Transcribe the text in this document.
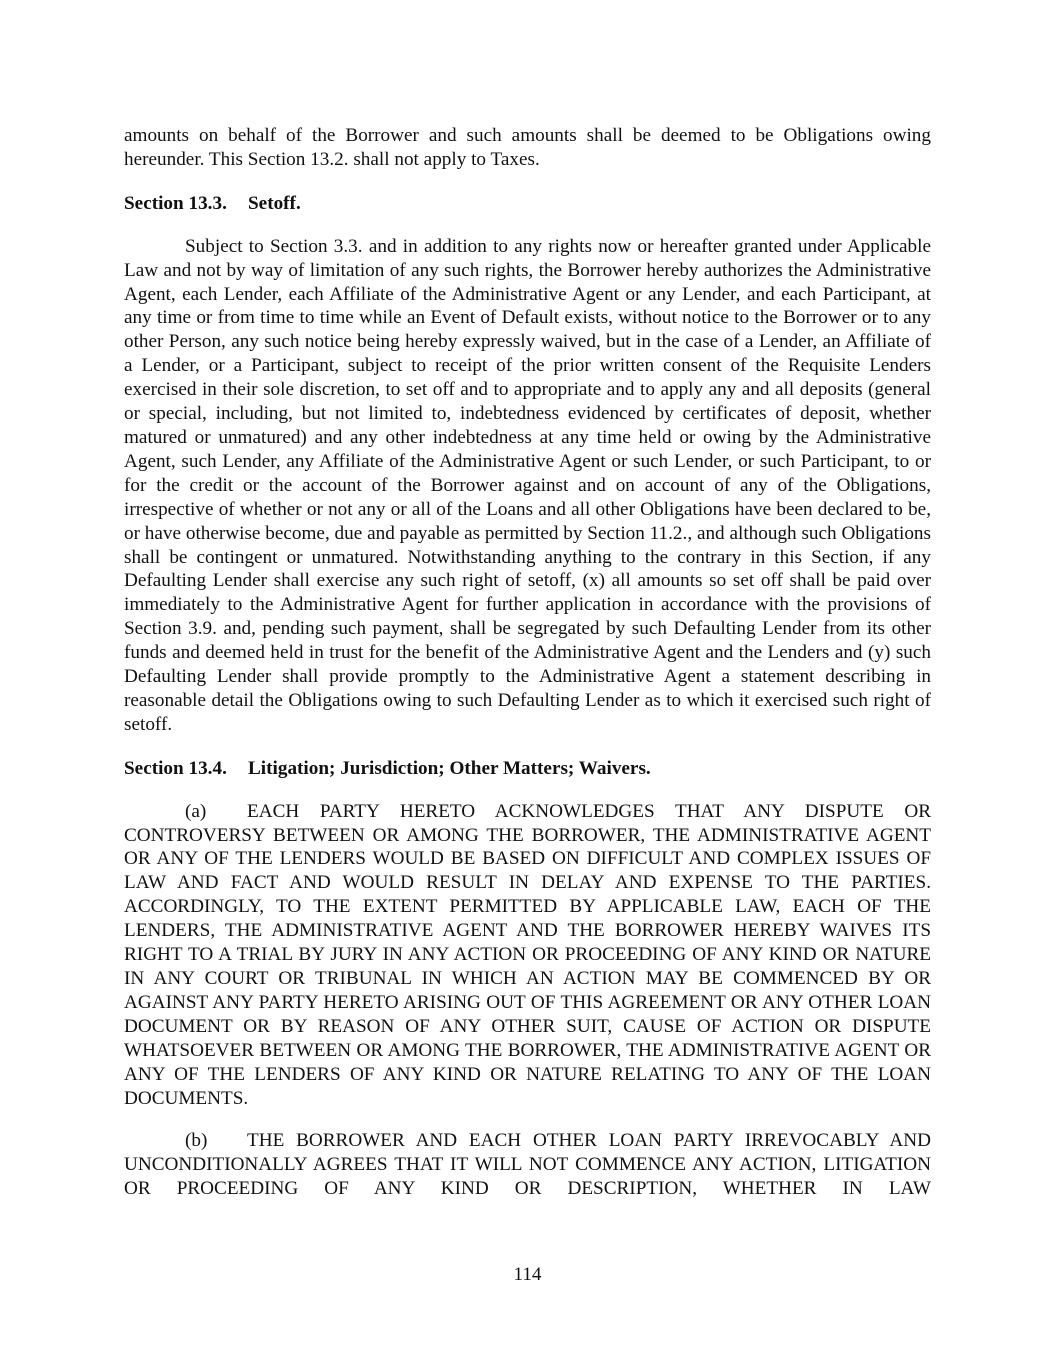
amounts on behalf of the Borrower and such amounts shall be deemed to be Obligations owing hereunder. This Section 13.2. shall not apply to Taxes.

Section 13.3. Setoff.

Subject to Section 3.3. and in addition to any rights now or hereafter granted under Applicable Law and not by way of limitation of any such rights, the Borrower hereby authorizes the Administrative Agent, each Lender, each Affiliate of the Administrative Agent or any Lender, and each Participant, at any time or from time to time while an Event of Default exists, without notice to the Borrower or to any other Person, any such notice being hereby expressly waived, but in the case of a Lender, an Affiliate of a Lender, or a Participant, subject to receipt of the prior written consent of the Requisite Lenders exercised in their sole discretion, to set off and to appropriate and to apply any and all deposits (general or special, including, but not limited to, indebtedness evidenced by certificates of deposit, whether matured or unmatured) and any other indebtedness at any time held or owing by the Administrative Agent, such Lender, any Affiliate of the Administrative Agent or such Lender, or such Participant, to or for the credit or the account of the Borrower against and on account of any of the Obligations, irrespective of whether or not any or all of the Loans and all other Obligations have been declared to be, or have otherwise become, due and payable as permitted by Section 11.2., and although such Obligations shall be contingent or unmatured. Notwithstanding anything to the contrary in this Section, if any Defaulting Lender shall exercise any such right of setoff, (x) all amounts so set off shall be paid over immediately to the Administrative Agent for further application in accordance with the provisions of Section 3.9. and, pending such payment, shall be segregated by such Defaulting Lender from its other funds and deemed held in trust for the benefit of the Administrative Agent and the Lenders and (y) such Defaulting Lender shall provide promptly to the Administrative Agent a statement describing in reasonable detail the Obligations owing to such Defaulting Lender as to which it exercised such right of setoff.

Section 13.4. Litigation; Jurisdiction; Other Matters; Waivers.

(a) EACH PARTY HERETO ACKNOWLEDGES THAT ANY DISPUTE OR CONTROVERSY BETWEEN OR AMONG THE BORROWER, THE ADMINISTRATIVE AGENT OR ANY OF THE LENDERS WOULD BE BASED ON DIFFICULT AND COMPLEX ISSUES OF LAW AND FACT AND WOULD RESULT IN DELAY AND EXPENSE TO THE PARTIES. ACCORDINGLY, TO THE EXTENT PERMITTED BY APPLICABLE LAW, EACH OF THE LENDERS, THE ADMINISTRATIVE AGENT AND THE BORROWER HEREBY WAIVES ITS RIGHT TO A TRIAL BY JURY IN ANY ACTION OR PROCEEDING OF ANY KIND OR NATURE IN ANY COURT OR TRIBUNAL IN WHICH AN ACTION MAY BE COMMENCED BY OR AGAINST ANY PARTY HERETO ARISING OUT OF THIS AGREEMENT OR ANY OTHER LOAN DOCUMENT OR BY REASON OF ANY OTHER SUIT, CAUSE OF ACTION OR DISPUTE WHATSOEVER BETWEEN OR AMONG THE BORROWER, THE ADMINISTRATIVE AGENT OR ANY OF THE LENDERS OF ANY KIND OR NATURE RELATING TO ANY OF THE LOAN DOCUMENTS.

(b) THE BORROWER AND EACH OTHER LOAN PARTY IRREVOCABLY AND UNCONDITIONALLY AGREES THAT IT WILL NOT COMMENCE ANY ACTION, LITIGATION OR PROCEEDING OF ANY KIND OR DESCRIPTION, WHETHER IN LAW

114
